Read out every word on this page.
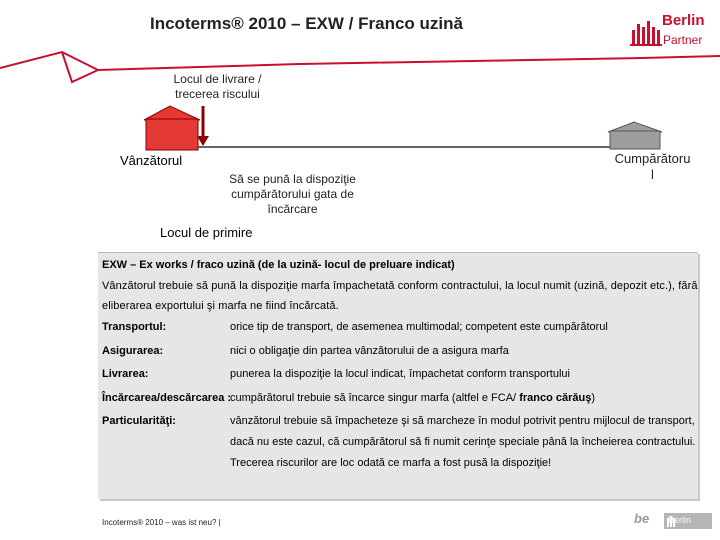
Incoterms® 2010 – EXW / Franco uzină	Berlin
Partner
Locul de livrare / trecerea riscului
Vânzătorul	Cumpărătoru
l
Să se pună la dispoziţie cumpărătorului gata de încărcare
Locul de primire
EXW – Ex works / fraco uzină (de la uzină- locul de preluare indicat)
Vânzătorul trebuie să pună la dispoziţie marfa împachetată conform contractului, la locul numit (uzină, depozit etc.), fără eliberarea exportului şi marfa ne fiind încărcată.
Transportul:	orice tip de transport, de asemenea multimodal; competent este cumpărătorul
Asigurarea:	nici o obligaţie din partea vânzătorului de a asigura marfa
Livrarea:	punerea la dispoziţie la locul indicat, împachetat conform transportului
Încărcarea/descărcarea :
cumpărătorul trebuie să încarce singur marfa (altfel e FCA/ franco cărăuş)
Particularităţi:	vânzătorul trebuie să împacheteze şi să marcheze în modul potrivit pentru mijlocul de transport, dacă nu este cazul, că cumpărătorul să fi numit cerinţe speciale până la încheierea contractului. Trecerea riscurilor are loc odată ce marfa a fost pusă la dispoziţie!
Incoterms® 2010 – was ist neu? |	be Berlin
